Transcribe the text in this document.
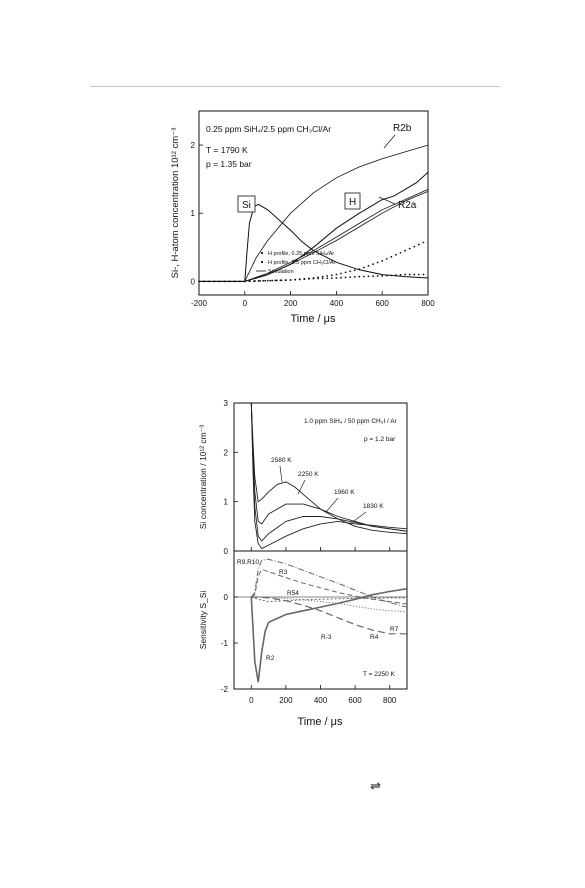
-200	0	200	400	600	800
0
1
2
0.25 ppm SiH₄/2.5 ppm CH₃Cl/Ar
T = 1790 K
p = 1.35 bar
R2b
R2a
Si	H
H profile, 0.25 ppm SiH₄/Ar
H profile, 2.5 ppm CH₃Cl/Ar
Simulation
Time / μs
Si-, H-atom concentration 10¹² cm⁻³
0	200	400	600	800
0
1
2
3
-2
-1
0
1.0 ppm SiH₄ / 50 ppm CH₃I / Ar
p = 1.2 bar
2580 K
2250 K
1960 K
1830 K
R9,R10
R3
R54
R-3	R4
R7
R2
T = 2250 K
Time / μs
Si concentration / 10¹² cm⁻³
Sensitivity S_Si
⇌
